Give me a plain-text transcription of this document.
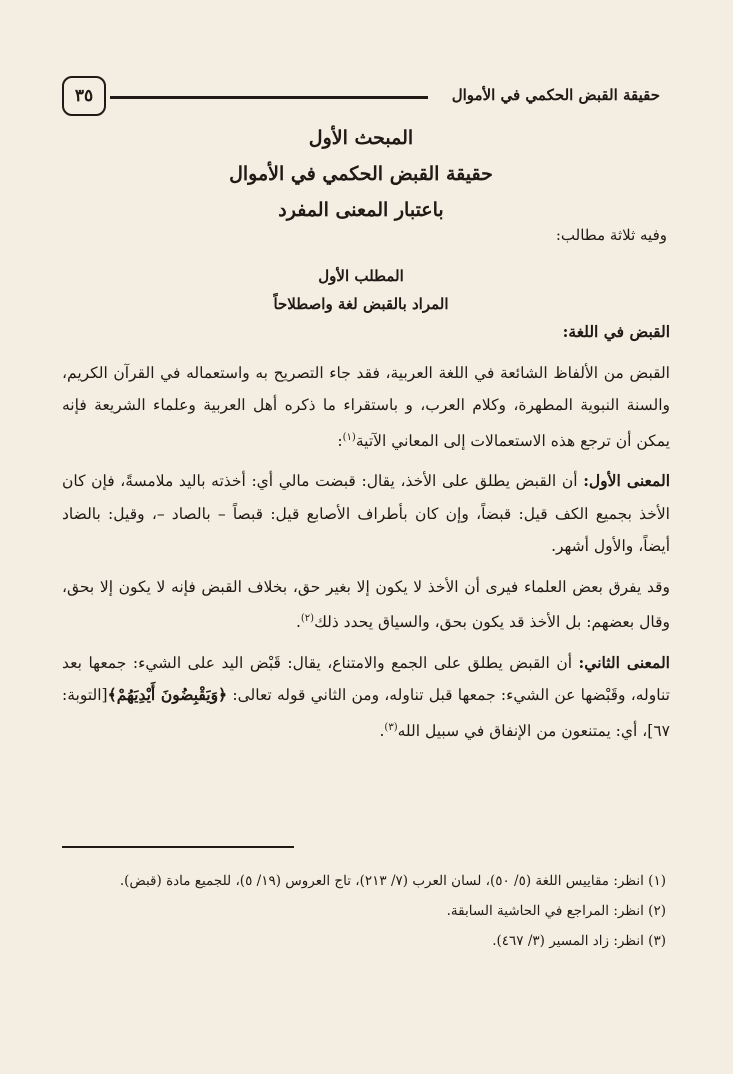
حقيقة القبض الحكمي في الأموال
٣٥

المبحث الأول

حقيقة القبض الحكمي في الأموال

باعتبار المعنى المفرد

وفيه ثلاثة مطالب:

المطلب الأول

المراد بالقبض لغة واصطلاحاً

القبض في اللغة:

القبض من الألفاظ الشائعة في اللغة العربية، فقد جاء التصريح به واستعماله في القرآن الكريم، والسنة النبوية المطهرة، وكلام العرب، و باستقراء ما ذكره أهل العربية وعلماء الشريعة فإنه يمكن أن ترجع هذه الاستعمالات إلى المعاني الآتية$^{(١)}$:

المعنى الأول: أن القبض يطلق على الأخذ، يقال: قبضت مالي أي: أخذته باليد ملامسةً، فإن كان الأخذ بجميع الكف قيل: قبضاً، وإن كان بأطراف الأصابع قيل: قبصاً – بالصاد –، وقيل: بالضاد أيضاً، والأول أشهر.

وقد يفرق بعض العلماء فيرى أن الأخذ لا يكون إلا بغير حق، بخلاف القبض فإنه لا يكون إلا بحق، وقال بعضهم: بل الأخذ قد يكون بحق، والسياق يحدد ذلك$^{(٢)}$.

المعنى الثاني: أن القبض يطلق على الجمع والامتناع، يقال: قَبْض اليد على الشيء: جمعها بعد تناوله، وقَبْضها عن الشيء: جمعها قبل تناوله، ومن الثاني قوله تعالى: ﴿وَيَقْبِضُونَ أَيْدِيَهُمْ﴾[التوبة: ٦٧]، أي: يمتنعون من الإنفاق في سبيل الله$^{(٣)}$.

(١) انظر: مقاييس اللغة (٥/ ٥٠)، لسان العرب (٧/ ٢١٣)، تاج العروس (١٩/ ٥)، للجميع مادة (قبض).
(٢) انظر: المراجع في الحاشية السابقة.
(٣) انظر: زاد المسير (٣/ ٤٦٧).
